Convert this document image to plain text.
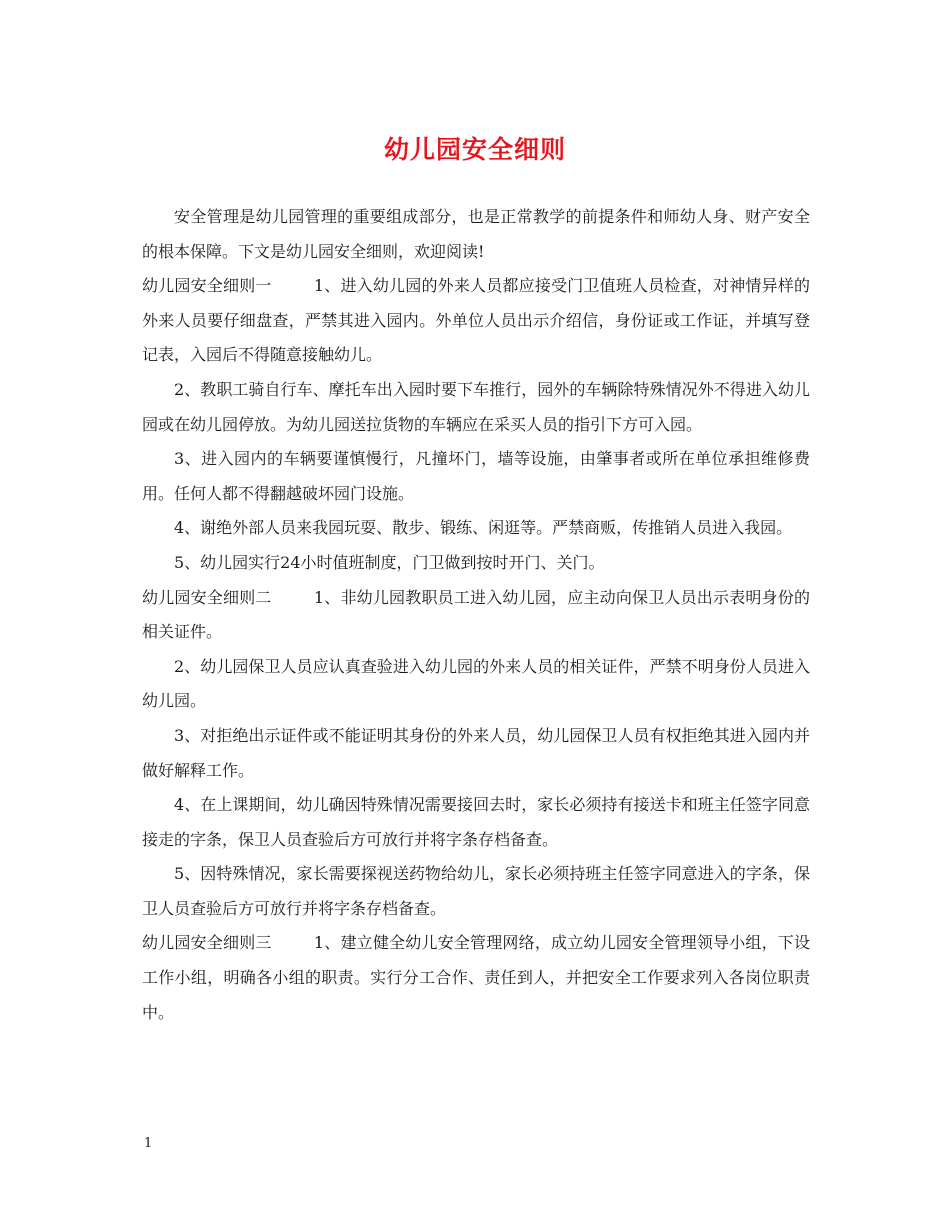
幼儿园安全细则

安全管理是幼儿园管理的重要组成部分，也是正常教学的前提条件和师幼人身、财产安全的根本保障。下文是幼儿园安全细则，欢迎阅读!

幼儿园安全细则一	1、进入幼儿园的外来人员都应接受门卫值班人员检查，对神情异样的外来人员要仔细盘查，严禁其进入园内。外单位人员出示介绍信，身份证或工作证，并填写登记表，入园后不得随意接触幼儿。

2、教职工骑自行车、摩托车出入园时要下车推行，园外的车辆除特殊情况外不得进入幼儿园或在幼儿园停放。为幼儿园送拉货物的车辆应在采买人员的指引下方可入园。

3、进入园内的车辆要谨慎慢行，凡撞坏门，墙等设施，由肇事者或所在单位承担维修费用。任何人都不得翻越破坏园门设施。

4、谢绝外部人员来我园玩耍、散步、锻练、闲逛等。严禁商贩，传推销人员进入我园。

5、幼儿园实行24小时值班制度，门卫做到按时开门、关门。

幼儿园安全细则二	1、非幼儿园教职员工进入幼儿园，应主动向保卫人员出示表明身份的相关证件。

2、幼儿园保卫人员应认真查验进入幼儿园的外来人员的相关证件，严禁不明身份人员进入幼儿园。

3、对拒绝出示证件或不能证明其身份的外来人员，幼儿园保卫人员有权拒绝其进入园内并做好解释工作。

4、在上课期间，幼儿确因特殊情况需要接回去时，家长必须持有接送卡和班主任签字同意接走的字条，保卫人员查验后方可放行并将字条存档备查。

5、因特殊情况，家长需要探视送药物给幼儿，家长必须持班主任签字同意进入的字条，保卫人员查验后方可放行并将字条存档备查。

幼儿园安全细则三	1、建立健全幼儿安全管理网络，成立幼儿园安全管理领导小组，下设工作小组，明确各小组的职责。实行分工合作、责任到人，并把安全工作要求列入各岗位职责中。

1
